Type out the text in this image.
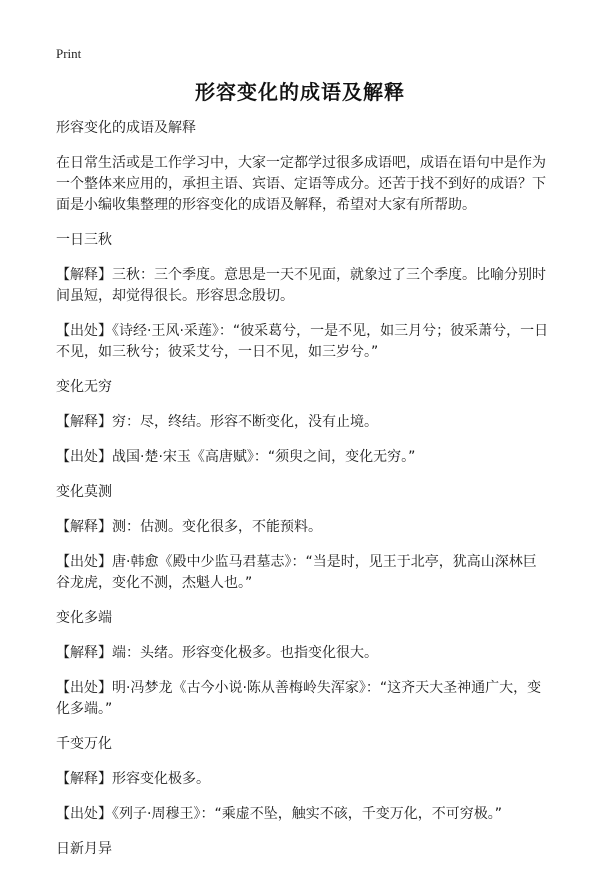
Print
形容变化的成语及解释
形容变化的成语及解释
在日常生活或是工作学习中，大家一定都学过很多成语吧，成语在语句中是作为一个整体来应用的，承担主语、宾语、定语等成分。还苦于找不到好的成语？下面是小编收集整理的形容变化的成语及解释，希望对大家有所帮助。
一日三秋
【解释】三秋：三个季度。意思是一天不见面，就象过了三个季度。比喻分别时间虽短，却觉得很长。形容思念殷切。
【出处】《诗经·王风·采莲》：“彼采葛兮，一是不见，如三月兮；彼采萧兮，一日不见，如三秋兮；彼采艾兮，一日不见，如三岁兮。”
变化无穷
【解释】穷：尽，终结。形容不断变化，没有止境。
【出处】战国·楚·宋玉《高唐赋》：“须臾之间，变化无穷。”
变化莫测
【解释】测：估测。变化很多，不能预料。
【出处】唐·韩愈《殿中少监马君墓志》：“当是时，见王于北亭，犹高山深林巨谷龙虎，变化不测，杰魁人也。”
变化多端
【解释】端：头绪。形容变化极多。也指变化很大。
【出处】明·冯梦龙《古今小说·陈从善梅岭失浑家》：“这齐天大圣神通广大，变化多端。”
千变万化
【解释】形容变化极多。
【出处】《列子·周穆王》：“乘虚不坠，触实不硋，千变万化，不可穷极。”
日新月异
